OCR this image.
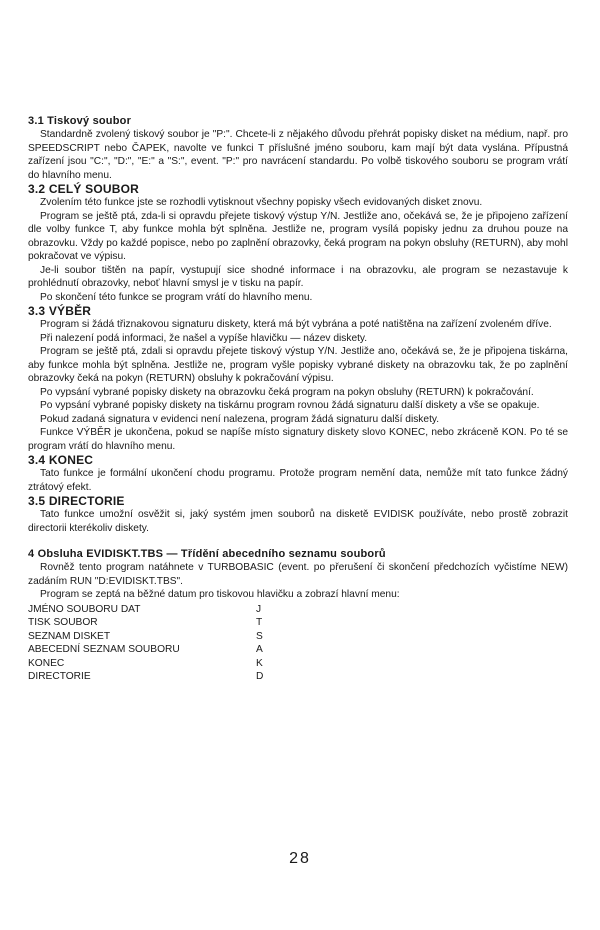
3.1 Tiskový soubor

Standardně zvolený tiskový soubor je "P:". Chcete-li z nějakého důvodu přehrát popisky disket na médium, např. pro SPEEDSCRIPT nebo ČAPEK, navolte ve funkci T příslušné jméno souboru, kam mají být data vyslána. Přípustná zařízení jsou "C:", "D:", "E:" a "S:", event. "P:" pro navrácení standardu. Po volbě tiskového souboru se program vrátí do hlavního menu.

3.2 CELÝ SOUBOR

Zvolením této funkce jste se rozhodli vytisknout všechny popisky všech evidovaných disket znovu.

Program se ještě ptá, zda-li si opravdu přejete tiskový výstup Y/N. Jestliže ano, očekává se, že je připojeno zařízení dle volby funkce T, aby funkce mohla být splněna. Jestliže ne, program vysílá popisky jednu za druhou pouze na obrazovku. Vždy po každé popisce, nebo po zaplnění obrazovky, čeká program na pokyn obsluhy (RETURN), aby mohl pokračovat ve výpisu.

Je-li soubor tištěn na papír, vystupují sice shodné informace i na obrazovku, ale program se nezastavuje k prohlédnutí obrazovky, neboť hlavní smysl je v tisku na papír.

Po skončení této funkce se program vrátí do hlavního menu.

3.3 VÝBĚR

Program si žádá třiznakovou signaturu diskety, která má být vybrána a poté natištěna na zařízení zvoleném dříve.

Při nalezení podá informaci, že našel a vypíše hlavičku — název diskety.

Program se ještě ptá, zdali si opravdu přejete tiskový výstup Y/N. Jestliže ano, očekává se, že je připojena tiskárna, aby funkce mohla být splněna. Jestliže ne, program vyšle popisky vybrané diskety na obrazovku tak, že po zaplnění obrazovky čeká na pokyn (RETURN) obsluhy k pokračování výpisu.

Po vypsání vybrané popisky diskety na obrazovku čeká program na pokyn obsluhy (RETURN) k pokračování.

Po vypsání vybrané popisky diskety na tiskárnu program rovnou žádá signaturu další diskety a vše se opakuje.

Pokud zadaná signatura v evidenci není nalezena, program žádá signaturu další diskety.

Funkce VÝBĚR je ukončena, pokud se napíše místo signatury diskety slovo KONEC, nebo zkráceně KON. Po té se program vrátí do hlavního menu.

3.4 KONEC

Tato funkce je formální ukončení chodu programu. Protože program nemění data, nemůže mít tato funkce žádný ztrátový efekt.

3.5 DIRECTORIE

Tato funkce umožní osvěžit si, jaký systém jmen souborů na disketě EVIDISK používáte, nebo prostě zobrazit directorii kterékoliv diskety.

4 Obsluha EVIDISKT.TBS — Třídění abecedního seznamu souborů

Rovněž tento program natáhnete v TURBOBASIC (event. po přerušení či skončení předchozích vyčistíme NEW) zadáním RUN "D:EVIDISKT.TBS".

Program se zeptá na běžné datum pro tiskovou hlavičku a zobrazí hlavní menu:

JMÉNO SOUBORU DAT	J
TISK SOUBOR	T
SEZNAM DISKET	S
ABECEDNÍ SEZNAM SOUBORU	A
KONEC	K
DIRECTORIE	D
28
